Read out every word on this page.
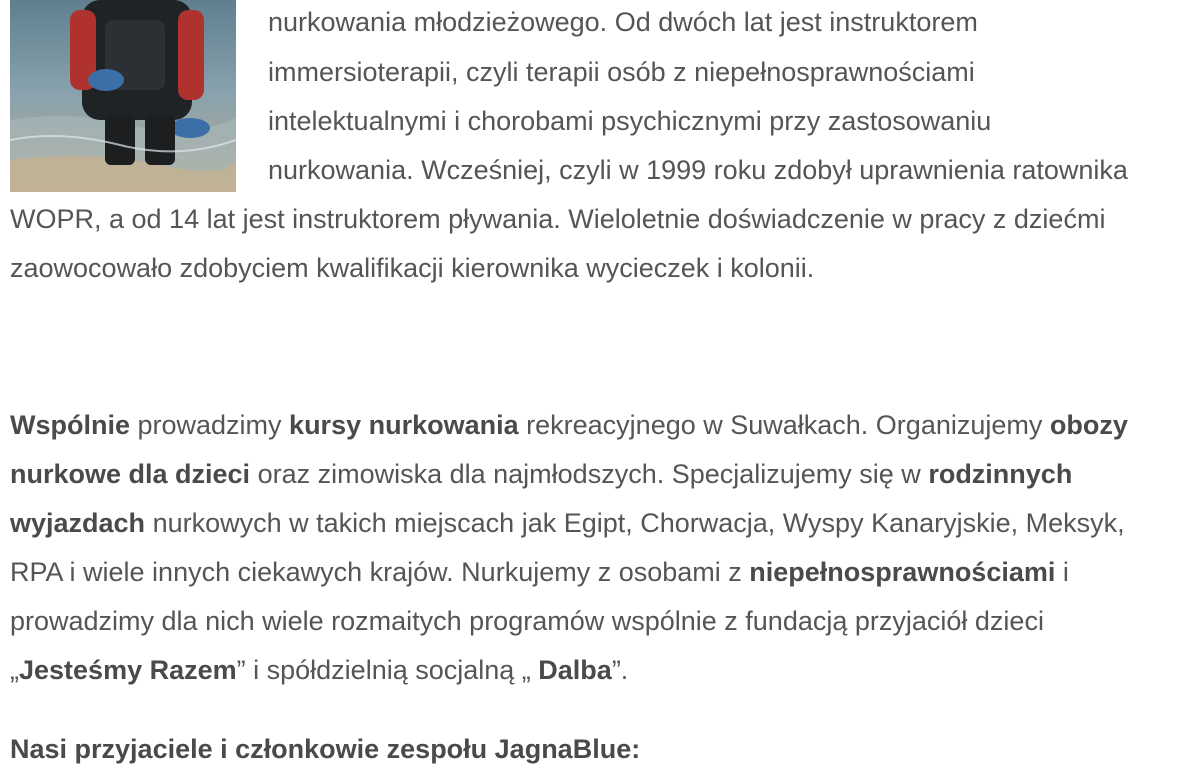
nurkowania młodzieżowego. Od dwóch lat jest instruktorem
immersioterapii, czyli terapii osób z niepełnosprawnościami
intelektualnymi i chorobami psychicznymi przy zastosowaniu
nurkowania. Wcześniej, czyli w 1999 roku zdobył uprawnienia ratownika
WOPR, a od 14 lat jest instruktorem pływania. Wieloletnie doświadczenie w pracy z dziećmi
zaowocowało zdobyciem kwalifikacji kierownika wycieczek i kolonii.
Wspólnie prowadzimy kursy nurkowania rekreacyjnego w Suwałkach. Organizujemy obozy
nurkowe dla dzieci oraz zimowiska dla najmłodszych. Specjalizujemy się w rodzinnych
wyjazdach nurkowych w takich miejscach jak Egipt, Chorwacja, Wyspy Kanaryjskie, Meksyk,
RPA i wiele innych ciekawych krajów. Nurkujemy z osobami z niepełnosprawnościami i
prowadzimy dla nich wiele rozmaitych programów wspólnie z fundacją przyjaciół dzieci
„Jesteśmy Razem” i spółdzielnią socjalną „ Dalba”.
Nasi przyjaciele i członkowie zespołu JagnaBlue:
